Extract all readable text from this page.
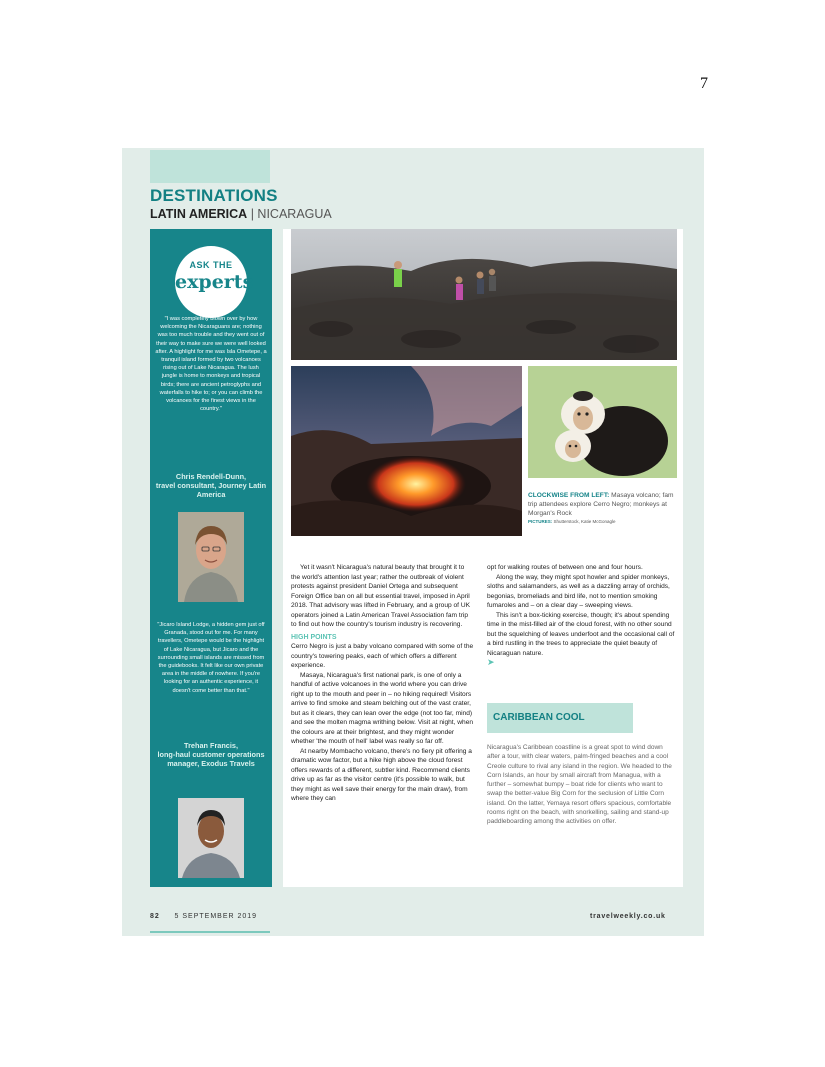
7
DESTINATIONS
LATIN AMERICA | NICARAGUA
ASK THE
experts
"I was completely blown over by how welcoming the Nicaraguans are; nothing was too much trouble and they went out of their way to make sure we were well looked after. A highlight for me was Isla Ometepe, a tranquil island formed by two volcanoes rising out of Lake Nicaragua. The lush jungle is home to monkeys and tropical birds; there are ancient petroglyphs and waterfalls to hike to; or you can climb the volcanoes for the finest views in the country."
Chris Rendell-Dunn,
travel consultant, Journey Latin America
"Jicaro Island Lodge, a hidden gem just off Granada, stood out for me. For many travellers, Ometepe would be the highlight of Lake Nicaragua, but Jicaro and the surrounding small islands are missed from the guidebooks. It felt like our own private area in the middle of nowhere. If you're looking for an authentic experience, it doesn't come better than that."
Trehan Francis,
long-haul customer operations manager, Exodus Travels
CLOCKWISE FROM LEFT: Masaya volcano; fam trip attendees explore Cerro Negro; monkeys at Morgan's Rock
PICTURES: Shutterstock, Katie McGonagle

Yet it wasn't Nicaragua's natural beauty that brought it to the world's attention last year; rather the outbreak of violent protests against president Daniel Ortega and subsequent Foreign Office ban on all but essential travel, imposed in April 2018. That advisory was lifted in February, and a group of UK operators joined a Latin American Travel Association fam trip to find out how the country's tourism industry is recovering.

HIGH POINTS

Cerro Negro is just a baby volcano compared with some of the country's towering peaks, each of which offers a different experience.

Masaya, Nicaragua's first national park, is one of only a handful of active volcanoes in the world where you can drive right up to the mouth and peer in – no hiking required! Visitors arrive to find smoke and steam belching out of the vast crater, but as it clears, they can lean over the edge (not too far, mind) and see the molten magma writhing below. Visit at night, when the colours are at their brightest, and they might wonder whether 'the mouth of hell' label was really so far off.

At nearby Mombacho volcano, there's no fiery pit offering a dramatic wow factor, but a hike high above the cloud forest offers rewards of a different, subtler kind. Recommend clients drive up as far as the visitor centre (it's possible to walk, but they might as well save their energy for the main draw), from where they can

opt for walking routes of between one and four hours.

Along the way, they might spot howler and spider monkeys, sloths and salamanders, as well as a dazzling array of orchids, begonias, bromeliads and bird life, not to mention smoking fumaroles and – on a clear day – sweeping views.

This isn't a box-ticking exercise, though; it's about spending time in the mist-filled air of the cloud forest, with no other sound but the squelching of leaves underfoot and the occasional call of a bird rustling in the trees to appreciate the quiet beauty of Nicaraguan nature.

➤
CARIBBEAN COOL
Nicaragua's Caribbean coastline is a great spot to wind down after a tour, with clear waters, palm-fringed beaches and a cool Creole culture to rival any island in the region. We headed to the Corn Islands, an hour by small aircraft from Managua, with a further – somewhat bumpy – boat ride for clients who want to swap the better-value Big Corn for the seclusion of Little Corn island. On the latter, Yemaya resort offers spacious, comfortable rooms right on the beach, with snorkelling, sailing and stand-up paddleboarding among the activities on offer.
82 5 SEPTEMBER 2019	travelweekly.co.uk
